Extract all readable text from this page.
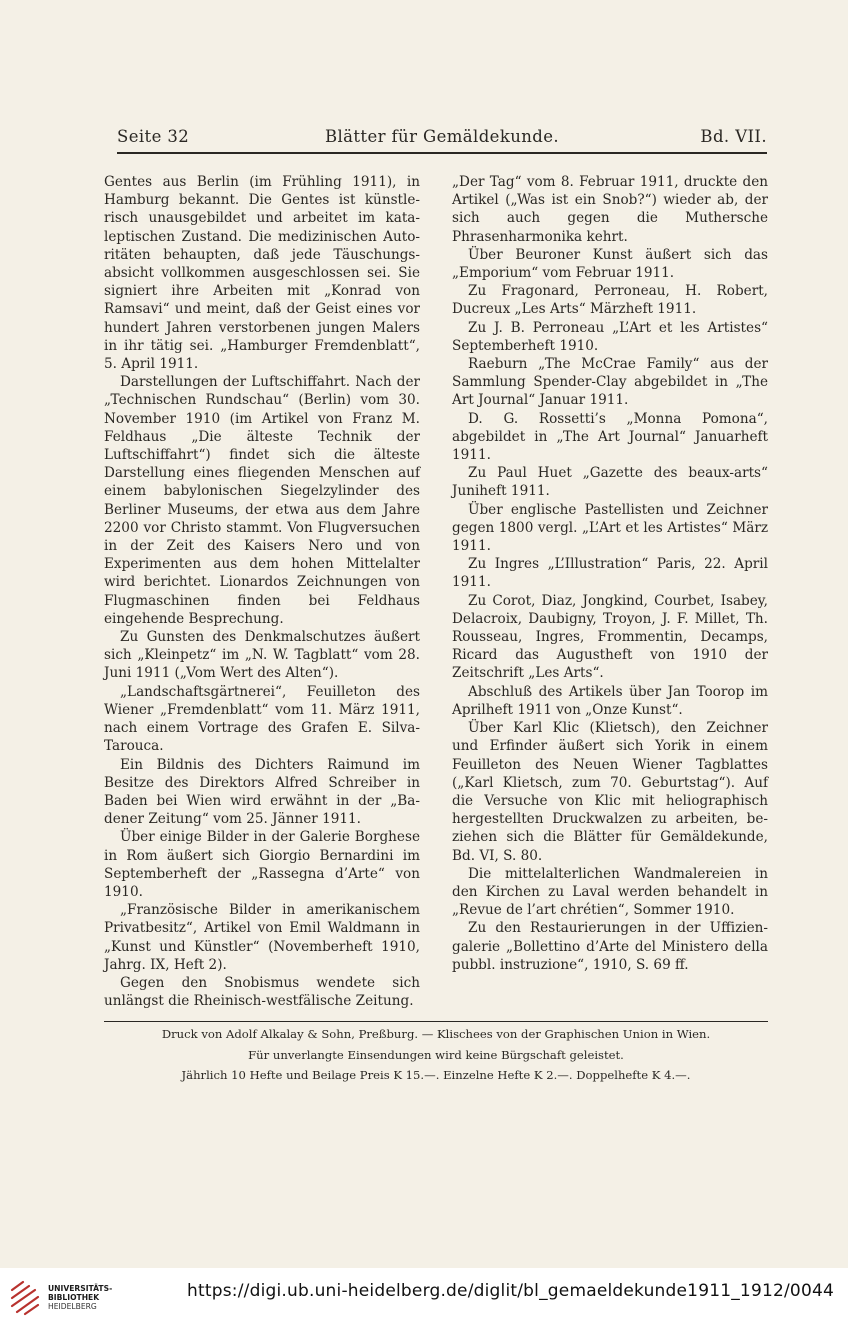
Seite 32	Blätter für Gemäldekunde.	Bd. VII.

Gentes aus Berlin (im Frühling 1911), in Hamburg bekannt. Die Gentes ist künstlerisch unausgebildet und arbeitet im kataleptischen Zustand. Die medizinischen Autoritäten behaupten, daß jede Täuschungsabsicht vollkommen ausgeschlossen sei. Sie signiert ihre Arbeiten mit „Konrad von Ramsavi“ und meint, daß der Geist eines vor hundert Jahren verstorbenen jungen Malers in ihr tätig sei. „Hamburger Fremdenblatt“, 5. April 1911.

Darstellungen der Luftschiffahrt. Nach der „Technischen Rundschau“ (Berlin) vom 30. November 1910 (im Artikel von Franz M. Feldhaus „Die älteste Technik der Luftschiffahrt“) findet sich die älteste Darstellung eines fliegenden Menschen auf einem babylonischen Siegelzylinder des Berliner Museums, der etwa aus dem Jahre 2200 vor Christo stammt. Von Flugversuchen in der Zeit des Kaisers Nero und von Experimenten aus dem hohen Mittelalter wird berichtet. Lionardos Zeichnungen von Flugmaschinen finden bei Feldhaus eingehende Besprechung.

Zu Gunsten des Denkmalschutzes äußert sich „Kleinpetz“ im „N. W. Tagblatt“ vom 28. Juni 1911 („Vom Wert des Alten“).

„Landschaftsgärtnerei“, Feuilleton des Wiener „Fremdenblatt“ vom 11. März 1911, nach einem Vortrage des Grafen E. Silva-Tarouca.

Ein Bildnis des Dichters Raimund im Besitze des Direktors Alfred Schreiber in Baden bei Wien wird erwähnt in der „Badener Zeitung“ vom 25. Jänner 1911.

Über einige Bilder in der Galerie Borghese in Rom äußert sich Giorgio Bernardini im Septemberheft der „Rassegna d’Arte“ von 1910.

„Französische Bilder in amerikanischem Privatbesitz“, Artikel von Emil Waldmann in „Kunst und Künstler“ (Novemberheft 1910, Jahrg. IX, Heft 2).

Gegen den Snobismus wendete sich unlängst die Rheinisch-westfälische Zeitung.

„Der Tag“ vom 8. Februar 1911, druckte den Artikel („Was ist ein Snob?“) wieder ab, der sich auch gegen die Muthersche Phrasenharmonika kehrt.

Über Beuroner Kunst äußert sich das „Emporium“ vom Februar 1911.

Zu Fragonard, Perroneau, H. Robert, Ducreux „Les Arts“ Märzheft 1911.

Zu J. B. Perroneau „L’Art et les Artistes“ Septemberheft 1910.

Raeburn „The McCrae Family“ aus der Sammlung Spender-Clay abgebildet in „The Art Journal“ Januar 1911.

D. G. Rossetti’s „Monna Pomona“, abgebildet in „The Art Journal“ Januarheft 1911.

Zu Paul Huet „Gazette des beaux-arts“ Juniheft 1911.

Über englische Pastellisten und Zeichner gegen 1800 vergl. „L’Art et les Artistes“ März 1911.

Zu Ingres „L’Illustration“ Paris, 22. April 1911.

Zu Corot, Diaz, Jongkind, Courbet, Isabey, Delacroix, Daubigny, Troyon, J. F. Millet, Th. Rousseau, Ingres, Frommentin, Decamps, Ricard das Augustheft von 1910 der Zeitschrift „Les Arts“.

Abschluß des Artikels über Jan Toorop im Aprilheft 1911 von „Onze Kunst“.

Über Karl Klic (Klietsch), den Zeichner und Erfinder äußert sich Yorik in einem Feuilleton des Neuen Wiener Tagblattes („Karl Klietsch, zum 70. Geburtstag“). Auf die Versuche von Klic mit heliographisch hergestellten Druckwalzen zu arbeiten, beziehen sich die Blätter für Gemäldekunde, Bd. VI, S. 80.

Die mittelalterlichen Wandmalereien in den Kirchen zu Laval werden behandelt in „Revue de l’art chrétien“, Sommer 1910.

Zu den Restaurierungen in der Uffiziengalerie „Bollettino d’Arte del Ministero della pubbl. instruzione“, 1910, S. 69 ff.

Druck von Adolf Alkalay & Sohn, Preßburg. — Klischees von der Graphischen Union in Wien.
Für unverlangte Einsendungen wird keine Bürgschaft geleistet.
Jährlich 10 Hefte und Beilage Preis K 15.—. Einzelne Hefte K 2.—. Doppelhefte K 4.—.
UNIVERSITÄTS-
BIBLIOTHEK
HEIDELBERG
https://digi.ub.uni-heidelberg.de/diglit/bl_gemaeldekunde1911_1912/0044
